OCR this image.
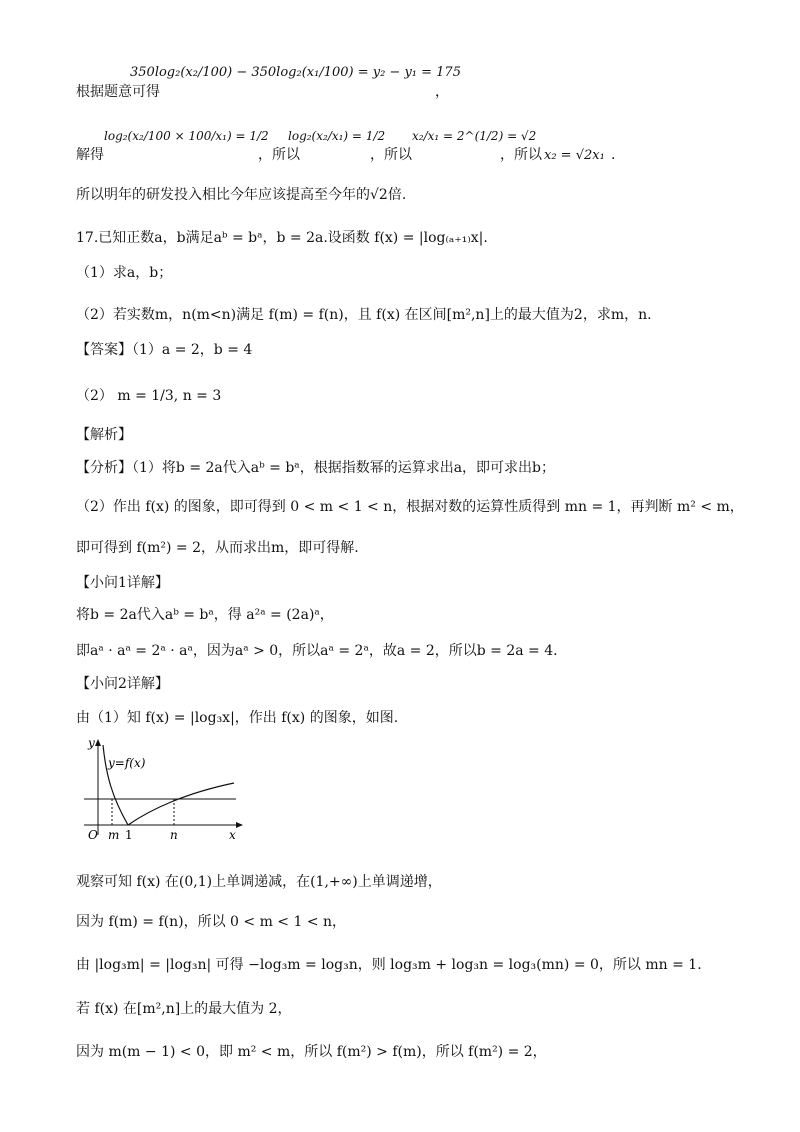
350log₂(x₂/100) − 350log₂(x₁/100) = y₂ − y₁ = 175
根据题意可得	，
解得
log₂(x₂/100 × 100/x₁) = 1/2
，所以
log₂(x₂/x₁) = 1/2
，所以
x₂/x₁ = 2^(1/2) = √2
，所以 x₂ = √2x₁ .
所以明年的研发投入相比今年应该提高至今年的√2倍.
17.已知正数a，b满足aᵇ = bᵃ，b = 2a.设函数 f(x) = |log₍ₐ₊₁₎x|.
（1）求a，b；
（2）若实数m，n(m<n)满足 f(m) = f(n)，且 f(x) 在区间[m²,n]上的最大值为2，求m，n.
【答案】（1）a = 2，b = 4
（2） m = 1/3, n = 3
【解析】
【分析】（1）将b = 2a代入aᵇ = bᵃ，根据指数幂的运算求出a，即可求出b；
（2）作出 f(x) 的图象，即可得到 0 < m < 1 < n，根据对数的运算性质得到 mn = 1，再判断 m² < m，
即可得到 f(m²) = 2，从而求出m，即可得解.
【小问1详解】
将b = 2a代入aᵇ = bᵃ，得 a²ᵃ = (2a)ᵃ，
即aᵃ · aᵃ = 2ᵃ · aᵃ，因为aᵃ > 0，所以aᵃ = 2ᵃ，故a = 2，所以b = 2a = 4.
【小问2详解】
由（1）知 f(x) = |log₃x|，作出 f(x) 的图象，如图.
y
x
O m 1	n
y=f(x)
观察可知 f(x) 在(0,1)上单调递减，在(1,+∞)上单调递增，
因为 f(m) = f(n)，所以 0 < m < 1 < n，
由 |log₃m| = |log₃n| 可得 −log₃m = log₃n，则 log₃m + log₃n = log₃(mn) = 0，所以 mn = 1.
若 f(x) 在[m²,n]上的最大值为 2，
因为 m(m − 1) < 0，即 m² < m，所以 f(m²) > f(m)，所以 f(m²) = 2，
